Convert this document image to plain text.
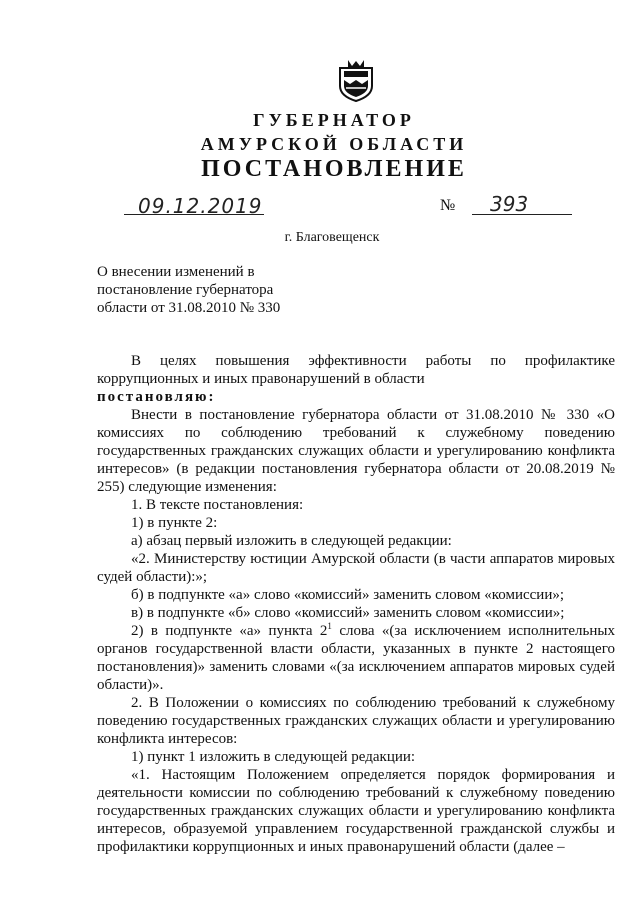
ГУБЕРНАТОР
АМУРСКОЙ ОБЛАСТИ
ПОСТАНОВЛЕНИЕ
09.12.2019	№ 393
г. Благовещенск
О внесении изменений в постановление губернатора области от 31.08.2010 № 330

В целях повышения эффективности работы по профилактике коррупционных и иных правонарушений в области

постановляю:

Внести в постановление губернатора области от 31.08.2010 № 330 «О комиссиях по соблюдению требований к служебному поведению государственных гражданских служащих области и урегулированию конфликта интересов» (в редакции постановления губернатора области от 20.08.2019 № 255) следующие изменения:

1. В тексте постановления:

1) в пункте 2:

а) абзац первый изложить в следующей редакции:

«2. Министерству юстиции Амурской области (в части аппаратов мировых судей области):»;

б) в подпункте «а» слово «комиссий» заменить словом «комиссии»;

в) в подпункте «б» слово «комиссий» заменить словом «комиссии»;

2) в подпункте «а» пункта $2^1$ слова «(за исключением исполнительных органов государственной власти области, указанных в пункте 2 настоящего постановления)» заменить словами «(за исключением аппаратов мировых судей области)».

2. В Положении о комиссиях по соблюдению требований к служебному поведению государственных гражданских служащих области и урегулированию конфликта интересов:

1) пункт 1 изложить в следующей редакции:

«1. Настоящим Положением определяется порядок формирования и деятельности комиссии по соблюдению требований к служебному поведению государственных гражданских служащих области и урегулированию конфликта интересов, образуемой управлением государственной гражданской службы и профилактики коррупционных и иных правонарушений области (далее –
